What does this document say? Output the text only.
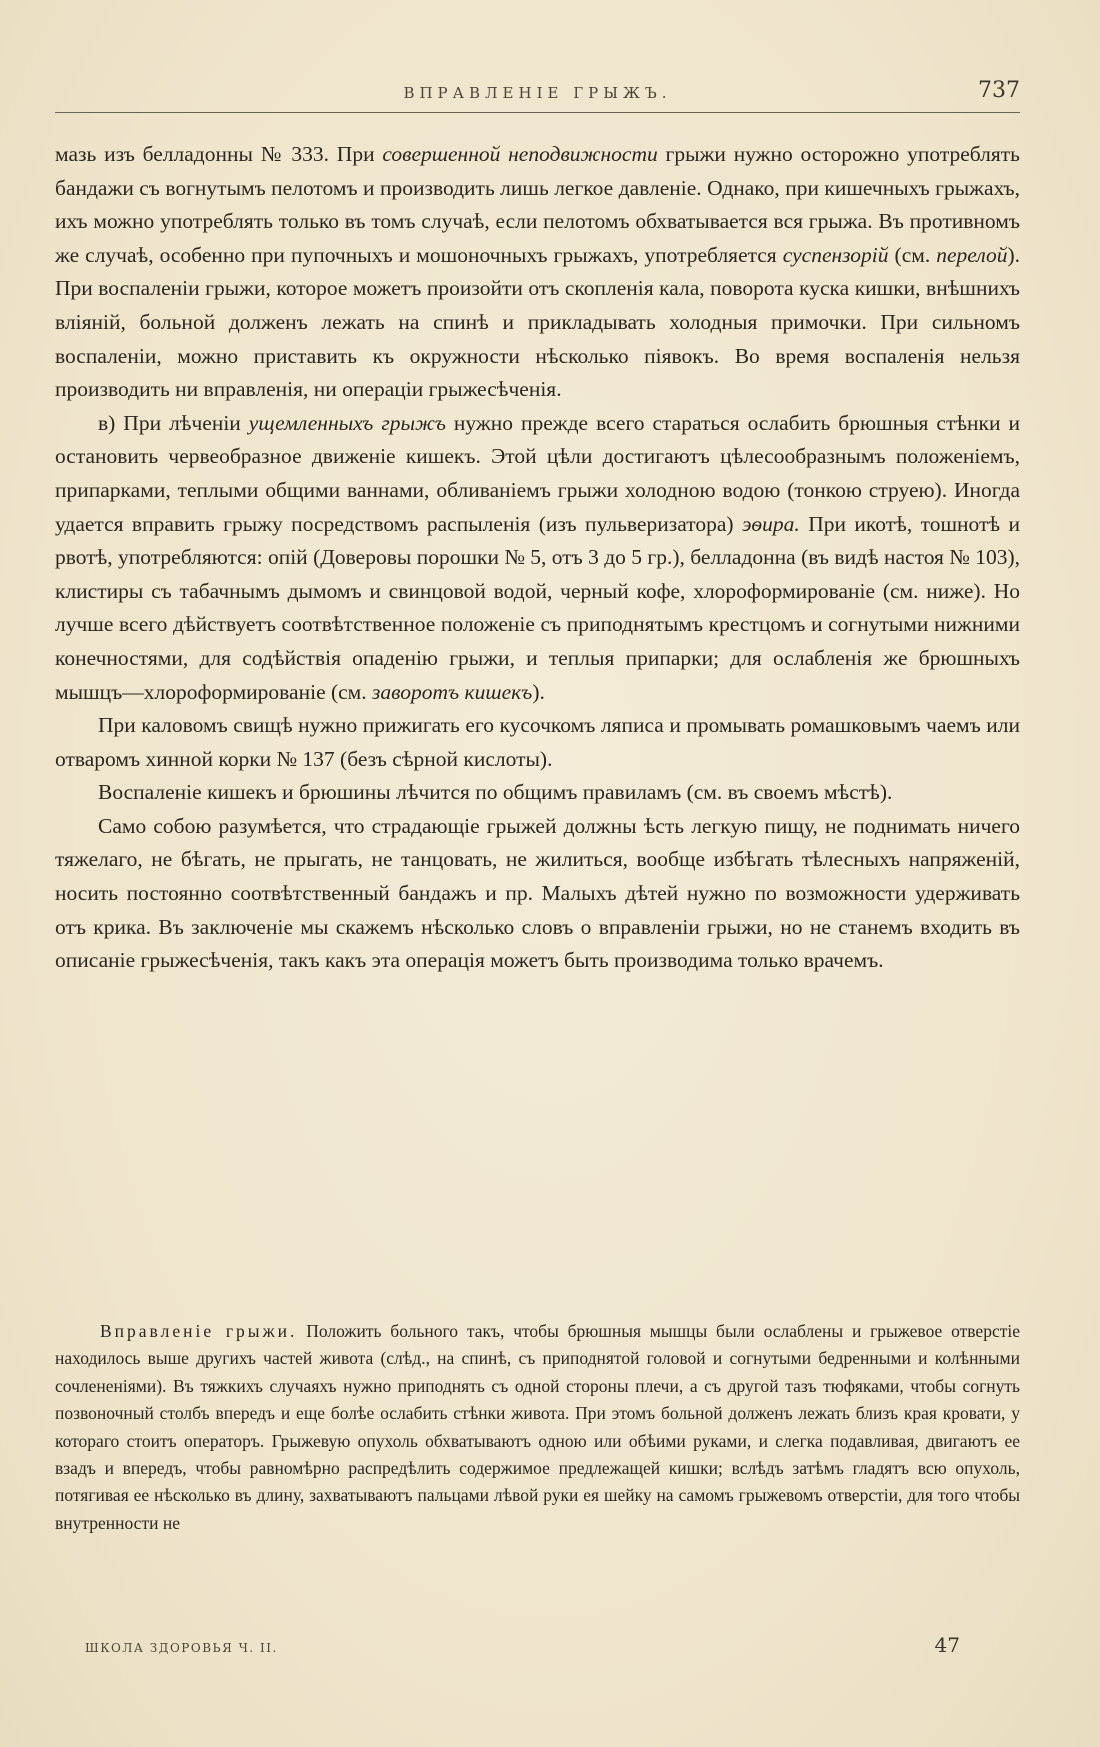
ВПРАВЛЕНІЕ ГРЫЖЪ.	737

мазь изъ белладонны № 333. При совершенной неподвижности грыжи нужно осторожно употреблять бандажи съ вогнутымъ пелотомъ и производить лишь легкое давленіе. Однако, при кишечныхъ грыжахъ, ихъ можно употреблять только въ томъ случаѣ, если пелотомъ обхватывается вся грыжа. Въ противномъ же случаѣ, особенно при пупочныхъ и мошоночныхъ грыжахъ, употребляется суспензорій (см. перелой). При воспаленіи грыжи, которое можетъ произойти отъ скопленія кала, поворота куска кишки, внѣшнихъ вліяній, больной долженъ лежать на спинѣ и прикладывать холодныя примочки. При сильномъ воспаленіи, можно приставить къ окружности нѣсколько піявокъ. Во время воспаленія нельзя производить ни вправленія, ни операціи грыжесѣченія.

в) При лѣченіи ущемленныхъ грыжъ нужно прежде всего стараться ослабить брюшныя стѣнки и остановить червеобразное движеніе кишекъ. Этой цѣли достигаютъ цѣлесообразнымъ положеніемъ, припарками, теплыми общими ваннами, обливаніемъ грыжи холодною водою (тонкою струею). Иногда удается вправить грыжу посредствомъ распыленія (изъ пульверизатора) эѳира. При икотѣ, тошнотѣ и рвотѣ, употребляются: опій (Доверовы порошки № 5, отъ 3 до 5 гр.), белладонна (въ видѣ настоя № 103), клистиры съ табачнымъ дымомъ и свинцовой водой, черный кофе, хлороформированіе (см. ниже). Но лучше всего дѣйствуетъ соотвѣтственное положеніе съ приподнятымъ крестцомъ и согнутыми нижними конечностями, для содѣйствія опаденію грыжи, и теплыя припарки; для ослабленія же брюшныхъ мышцъ—хлороформированіе (см. заворотъ кишекъ).

При каловомъ свищѣ нужно прижигать его кусочкомъ ляписа и промывать ромашковымъ чаемъ или отваромъ хинной корки № 137 (безъ сѣрной кислоты).

Воспаленіе кишекъ и брюшины лѣчится по общимъ правиламъ (см. въ своемъ мѣстѣ).

Само собою разумѣется, что страдающіе грыжей должны ѣсть легкую пищу, не поднимать ничего тяжелаго, не бѣгать, не прыгать, не танцовать, не жилиться, вообще избѣгать тѣлесныхъ напряженій, носить постоянно соотвѣтственный бандажъ и пр. Малыхъ дѣтей нужно по возможности удерживать отъ крика. Въ заключеніе мы скажемъ нѣсколько словъ о вправленіи грыжи, но не станемъ входить въ описаніе грыжесѣченія, такъ какъ эта операція можетъ быть производима только врачемъ.

Вправленіе грыжи. Положить больного такъ, чтобы брюшныя мышцы были ослаблены и грыжевое отверстіе находилось выше другихъ частей живота (слѣд., на спинѣ, съ приподнятой головой и согнутыми бедренными и колѣнными сочлененіями). Въ тяжкихъ случаяхъ нужно приподнять съ одной стороны плечи, а съ другой тазъ тюфяками, чтобы согнуть позвоночный столбъ впередъ и еще болѣе ослабить стѣнки живота. При этомъ больной долженъ лежать близъ края кровати, у котораго стоитъ операторъ. Грыжевую опухоль обхватываютъ одною или обѣими руками, и слегка подавливая, двигаютъ ее взадъ и впередъ, чтобы равномѣрно распредѣлить содержимое предлежащей кишки; вслѣдъ затѣмъ гладятъ всю опухоль, потягивая ее нѣсколько въ длину, захватываютъ пальцами лѣвой руки ея шейку на самомъ грыжевомъ отверстіи, для того чтобы внутренности не

ШКОЛА ЗДОРОВЬЯ Ч. II.	47
